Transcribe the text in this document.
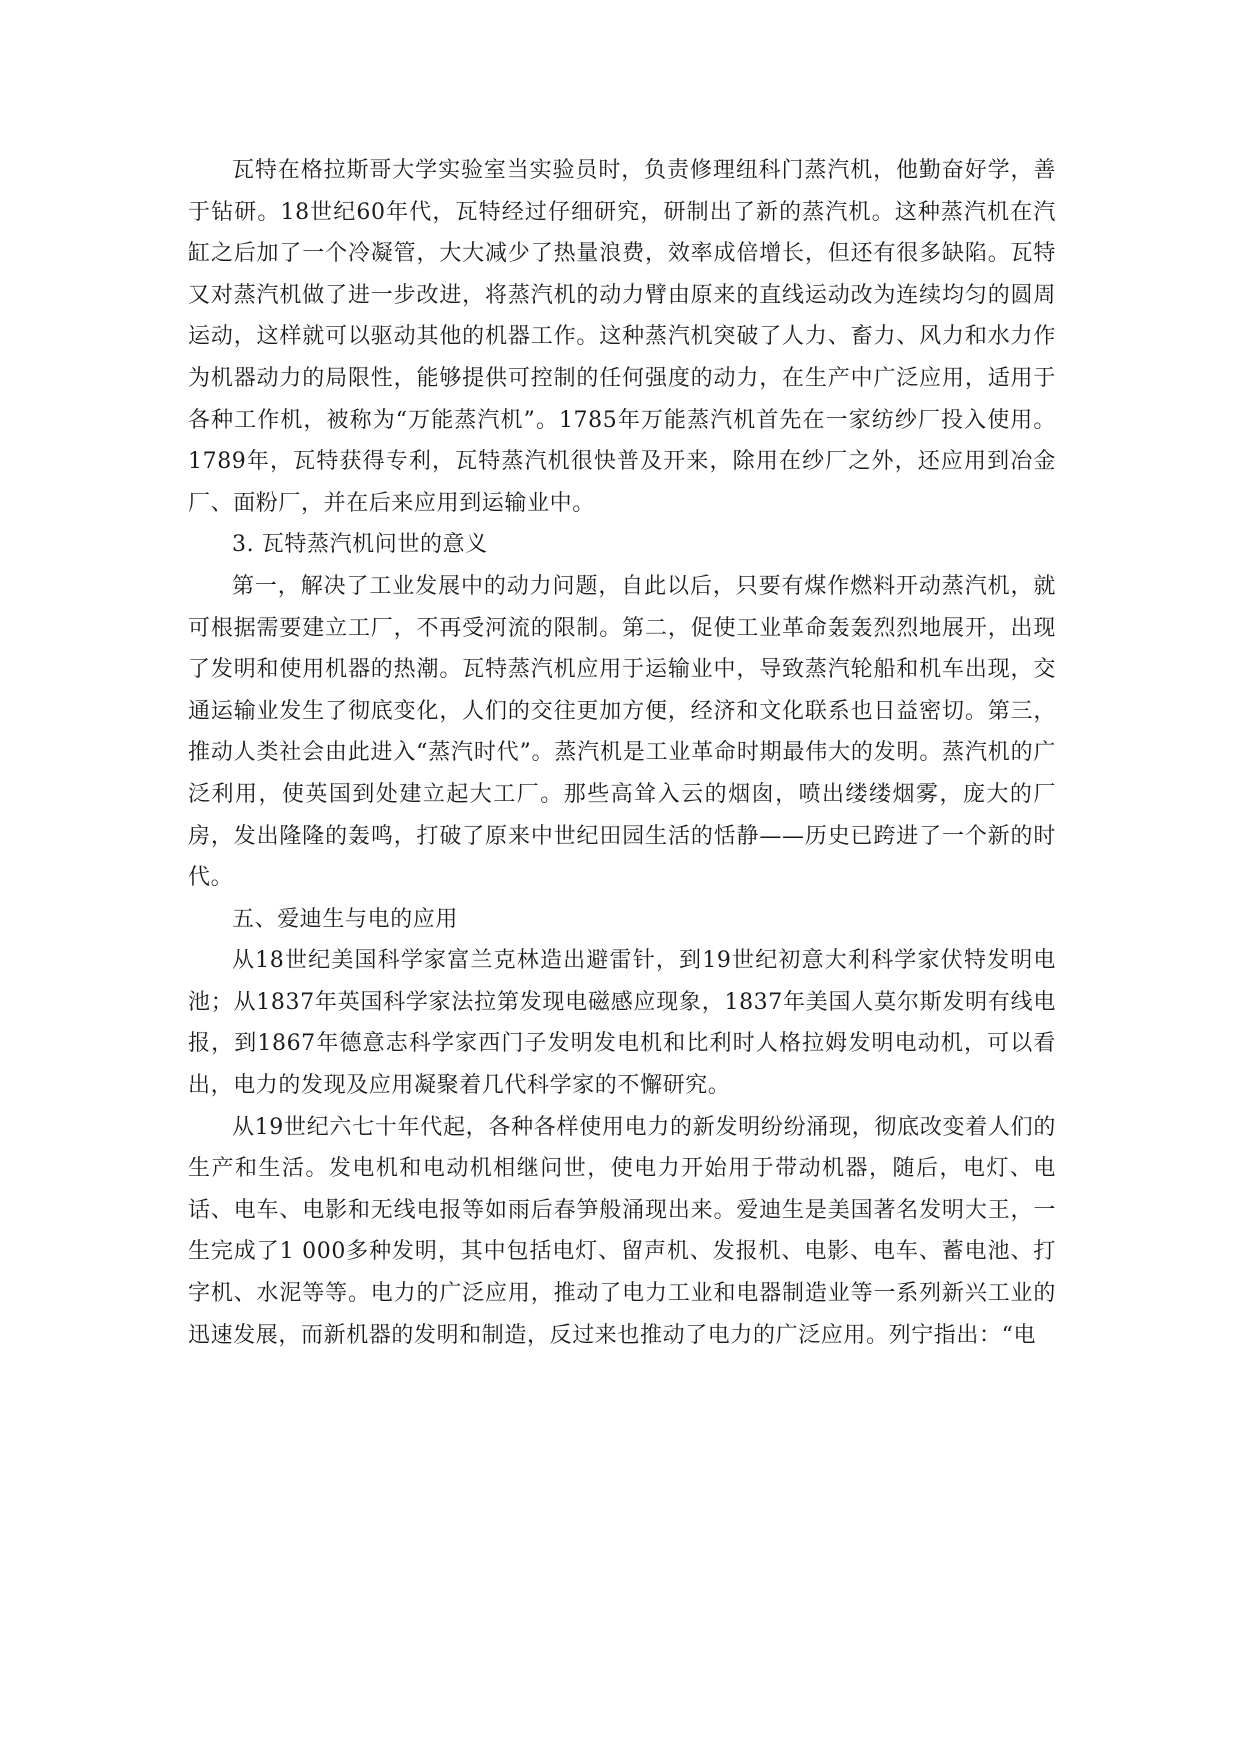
瓦特在格拉斯哥大学实验室当实验员时，负责修理纽科门蒸汽机，他勤奋好学，善于钻研。18世纪60年代，瓦特经过仔细研究，研制出了新的蒸汽机。这种蒸汽机在汽缸之后加了一个冷凝管，大大减少了热量浪费，效率成倍增长，但还有很多缺陷。瓦特又对蒸汽机做了进一步改进，将蒸汽机的动力臂由原来的直线运动改为连续均匀的圆周运动，这样就可以驱动其他的机器工作。这种蒸汽机突破了人力、畜力、风力和水力作为机器动力的局限性，能够提供可控制的任何强度的动力，在生产中广泛应用，适用于各种工作机，被称为“万能蒸汽机”。1785年万能蒸汽机首先在一家纺纱厂投入使用。1789年，瓦特获得专利，瓦特蒸汽机很快普及开来，除用在纱厂之外，还应用到冶金厂、面粉厂，并在后来应用到运输业中。

3. 瓦特蒸汽机问世的意义

第一，解决了工业发展中的动力问题，自此以后，只要有煤作燃料开动蒸汽机，就可根据需要建立工厂，不再受河流的限制。第二，促使工业革命轰轰烈烈地展开，出现了发明和使用机器的热潮。瓦特蒸汽机应用于运输业中，导致蒸汽轮船和机车出现，交通运输业发生了彻底变化，人们的交往更加方便，经济和文化联系也日益密切。第三，推动人类社会由此进入“蒸汽时代”。蒸汽机是工业革命时期最伟大的发明。蒸汽机的广泛利用，使英国到处建立起大工厂。那些高耸入云的烟囱，喷出缕缕烟雾，庞大的厂房，发出隆隆的轰鸣，打破了原来中世纪田园生活的恬静——历史已跨进了一个新的时代。

五、爱迪生与电的应用

从18世纪美国科学家富兰克林造出避雷针，到19世纪初意大利科学家伏特发明电池；从1837年英国科学家法拉第发现电磁感应现象，1837年美国人莫尔斯发明有线电报，到1867年德意志科学家西门子发明发电机和比利时人格拉姆发明电动机，可以看出，电力的发现及应用凝聚着几代科学家的不懈研究。

从19世纪六七十年代起，各种各样使用电力的新发明纷纷涌现，彻底改变着人们的生产和生活。发电机和电动机相继问世，使电力开始用于带动机器，随后，电灯、电话、电车、电影和无线电报等如雨后春笋般涌现出来。爱迪生是美国著名发明大王，一生完成了1 000多种发明，其中包括电灯、留声机、发报机、电影、电车、蓄电池、打字机、水泥等等。电力的广泛应用，推动了电力工业和电器制造业等一系列新兴工业的迅速发展，而新机器的发明和制造，反过来也推动了电力的广泛应用。列宁指出：“电
